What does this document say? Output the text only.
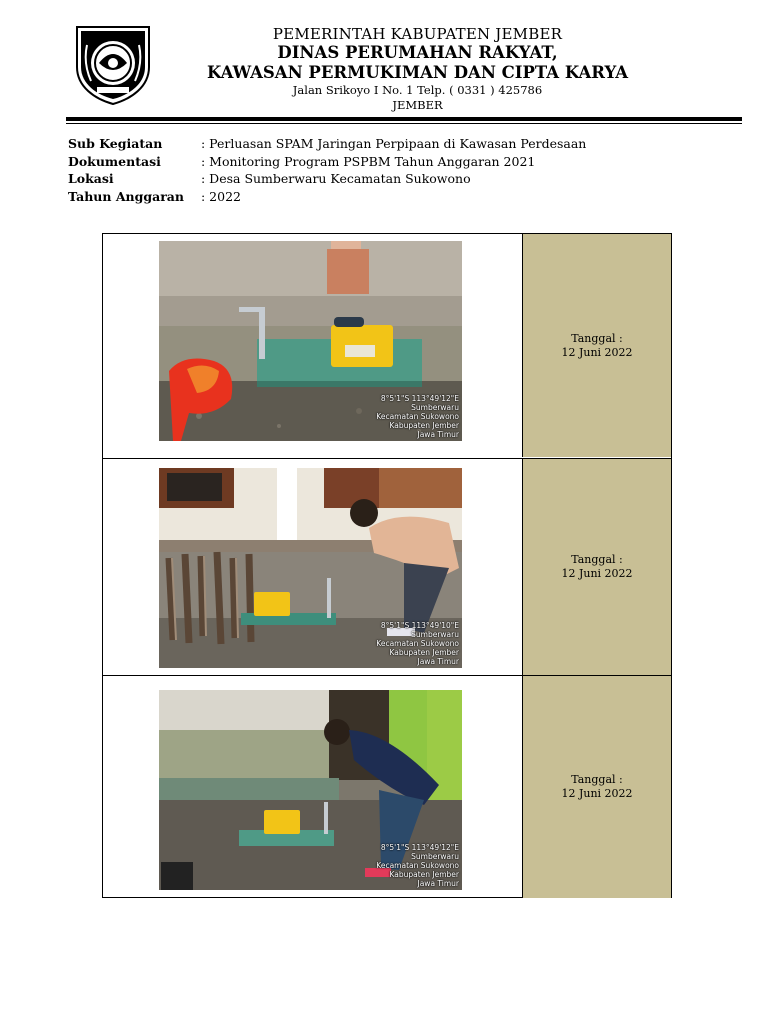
PEMERINTAH KABUPATEN JEMBER
DINAS PERUMAHAN RAKYAT,
KAWASAN PERMUKIMAN DAN CIPTA KARYA
Jalan Srikoyo I No. 1 Telp. ( 0331 ) 425786
JEMBER
Sub Kegiatan	: Perluasan SPAM Jaringan Perpipaan di Kawasan Perdesaan
Dokumentasi	: Monitoring Program PSPBM Tahun Anggaran 2021
Lokasi	: Desa Sumberwaru Kecamatan Sukowono
Tahun Anggaran	: 2022
8°5'1"S 113°49'12"E
Sumberwaru
Kecamatan Sukowono
Kabupaten Jember
Jawa Timur
Tanggal :
12 Juni 2022
8°5'1"S 113°49'10"E
Sumberwaru
Kecamatan Sukowono
Kabupaten Jember
Jawa Timur
Tanggal :
12 Juni 2022
8°5'1"S 113°49'12"E
Sumberwaru
Kecamatan Sukowono
Kabupaten Jember
Jawa Timur
Tanggal :
12 Juni 2022
